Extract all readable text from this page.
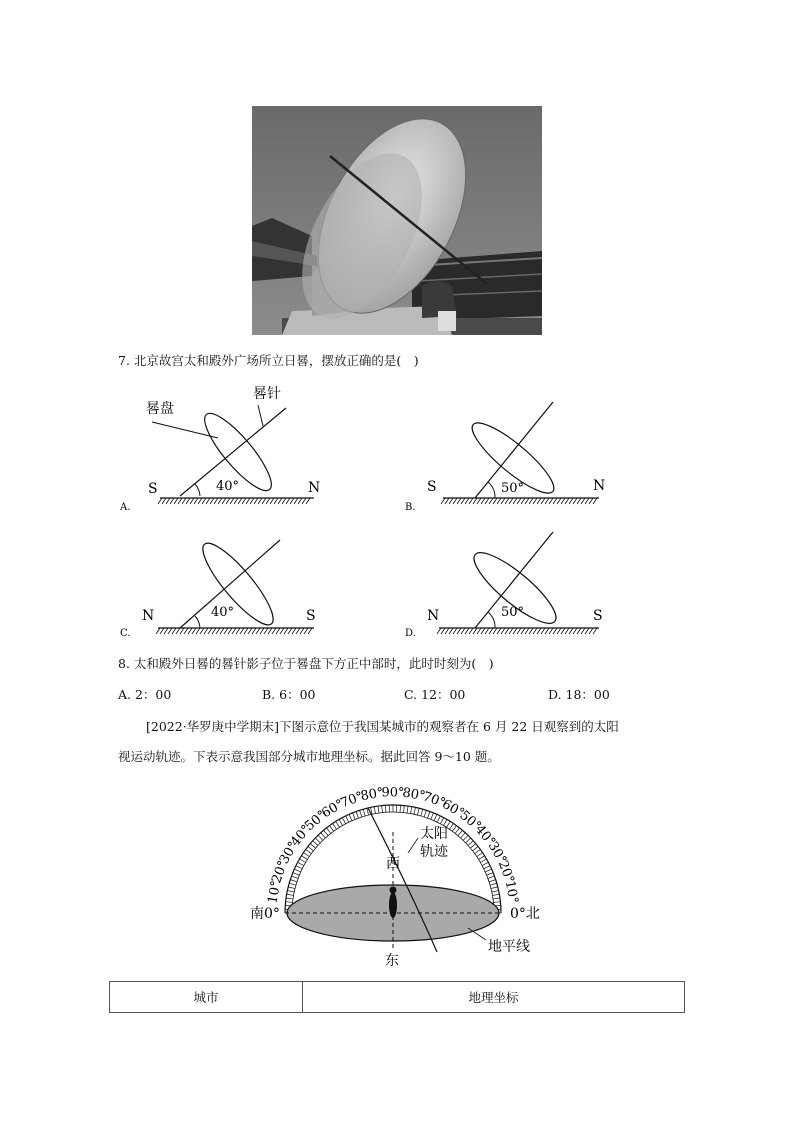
7. 北京故宫太和殿外广场所立日晷，摆放正确的是(　)
晷盘
晷针
40°
S	N
A.
50°
S	N
B.
40°
N	S
C.
50°
N	S
D.
8. 太和殿外日晷的晷针影子位于晷盘下方正中部时，此时时刻为(　)
A. 2：00	B. 6：00	C. 12：00	D. 18：00
[2022·华罗庚中学期末]下图示意位于我国某城市的观察者在 6 月 22 日观察到的太阳
视运动轨迹。下表示意我国部分城市地理坐标。据此回答 9～10 题。
10°
20°
30°
40°
50°
60°
70°
80°
90°
80°
70°
60°
50°
40°
30°
20°
10°
太阳
轨迹
西
东
地平线
南0°	0°北
城市	地理坐标
